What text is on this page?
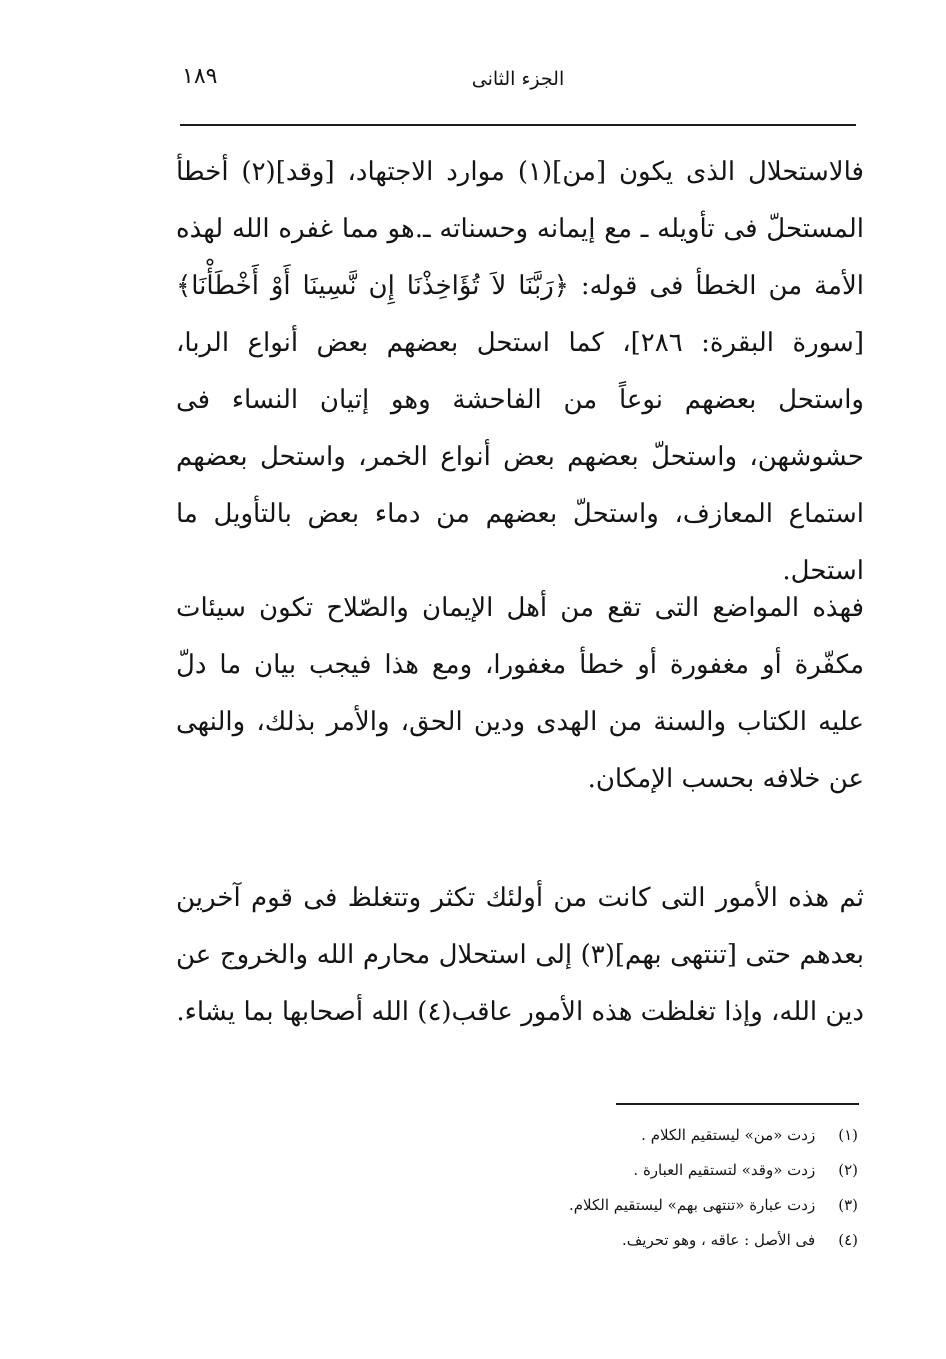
الجزء الثانى
١٨٩

فالاستحلال الذى يكون [من](١) موارد الاجتهاد، [وقد](٢) أخطأ المستحلّ فى تأويله ـ مع إيمانه وحسناته ـ.هو مما غفره الله لهذه الأمة من الخطأ فى قوله: ﴿رَبَّنَا لاَ تُؤَاخِذْنَا إِن نَّسِينَا أَوْ أَخْطَأْنَا﴾ [سورة البقرة: ٢٨٦]، كما استحل بعضهم بعض أنواع الربا، واستحل بعضهم نوعاً من الفاحشة وهو إتيان النساء فى حشوشهن، واستحلّ بعضهم بعض أنواع الخمر، واستحل بعضهم استماع المعازف، واستحلّ بعضهم من دماء بعض بالتأويل ما استحل.

فهذه المواضع التى تقع من أهل الإيمان والصّلاح تكون سيئات مكفّرة أو مغفورة أو خطأ مغفورا، ومع هذا فيجب بيان ما دلّ عليه الكتاب والسنة من الهدى ودين الحق، والأمر بذلك، والنهى عن خلافه بحسب الإمكان.

ثم هذه الأمور التى كانت من أولئك تكثر وتتغلظ فى قوم آخرين بعدهم حتى [تنتهى بهم](٣) إلى استحلال محارم الله والخروج عن دين الله، وإذا تغلظت هذه الأمور عاقب(٤) الله أصحابها بما يشاء.

(١) زدت «من» ليستقيم الكلام .
(٢) زدت «وقد» لتستقيم العبارة .
(٣) زدت عبارة «تنتهى بهم» ليستقيم الكلام.
(٤) فى الأصل : عاقه ، وهو تحريف.
